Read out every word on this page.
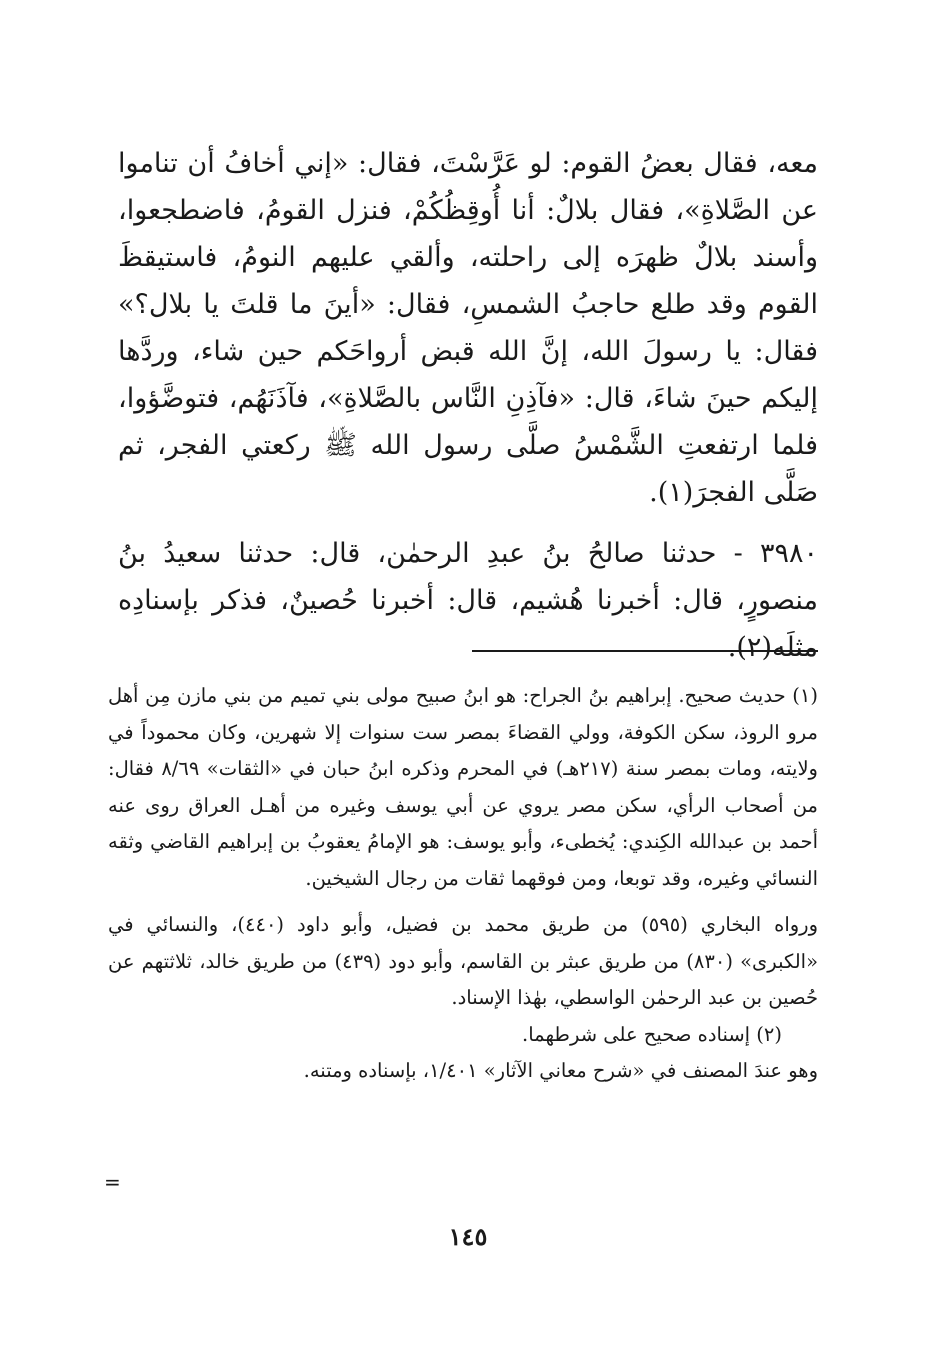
معه، فقال بعضُ القوم: لو عَرَّسْتَ، فقال: «إني أخافُ أن تناموا عن الصَّلاةِ»، فقال بلالٌ: أنا أُوقِظُكُمْ، فنزل القومُ، فاضطجعوا، وأسند بلالٌ ظهرَه إلى راحلته، وألقي عليهم النومُ، فاستيقظَ القوم وقد طلع حاجبُ الشمسِ، فقال: «أينَ ما قلتَ يا بلال؟» فقال: يا رسولَ الله، إنَّ الله قبض أرواحَكم حين شاء، وردَّها إليكم حينَ شاءَ، قال: «فآذِنِ النَّاس بالصَّلاةِ»، فآذَنَهُم، فتوضَّؤوا، فلما ارتفعتِ الشَّمْسُ صلَّى رسول الله ﷺ ركعتي الفجر، ثم صَلَّى الفجرَ(١).

٣٩٨٠ - حدثنا صالحُ بنُ عبدِ الرحمٰن، قال: حدثنا سعيدُ بنُ منصورٍ، قال: أخبرنا هُشيم، قال: أخبرنا حُصينٌ، فذكر بإسنادِه مثلَه(٢).

(١) حديث صحيح. إبراهيم بنُ الجراح: هو ابنُ صبيح مولى بني تميم من بني مازن مِن أهل مرو الروذ، سكن الكوفة، وولي القضاءَ بمصر ست سنوات إلا شهرين، وكان محموداً في ولايته، ومات بمصر سنة (٢١٧هـ) في المحرم وذكره ابنُ حبان في «الثقات» ٨/٦٩ فقال: من أصحاب الرأي، سكن مصر يروي عن أبي يوسف وغيره من أهـل العراق روى عنه أحمد بن عبدالله الكِندي: يُخطىء، وأبو يوسف: هو الإمامُ يعقوبُ بن إبراهيم القاضي وثقه النسائي وغيره، وقد توبعا، ومن فوقهما ثقات من رجال الشيخين.

ورواه البخاري (٥٩٥) من طريق محمد بن فضيل، وأبو داود (٤٤٠)، والنسائي في «الكبرى» (٨٣٠) من طريق عبثر بن القاسم، وأبو دود (٤٣٩) من طريق خالد، ثلاثتهم عن حُصين بن عبد الرحمٰن الواسطي، بهٰذا الإسناد.

(٢) إسناده صحيح على شرطهما.

وهو عندَ المصنف في «شرح معاني الآثار» ١/٤٠١، بإسناده ومتنه.

=
١٤٥
